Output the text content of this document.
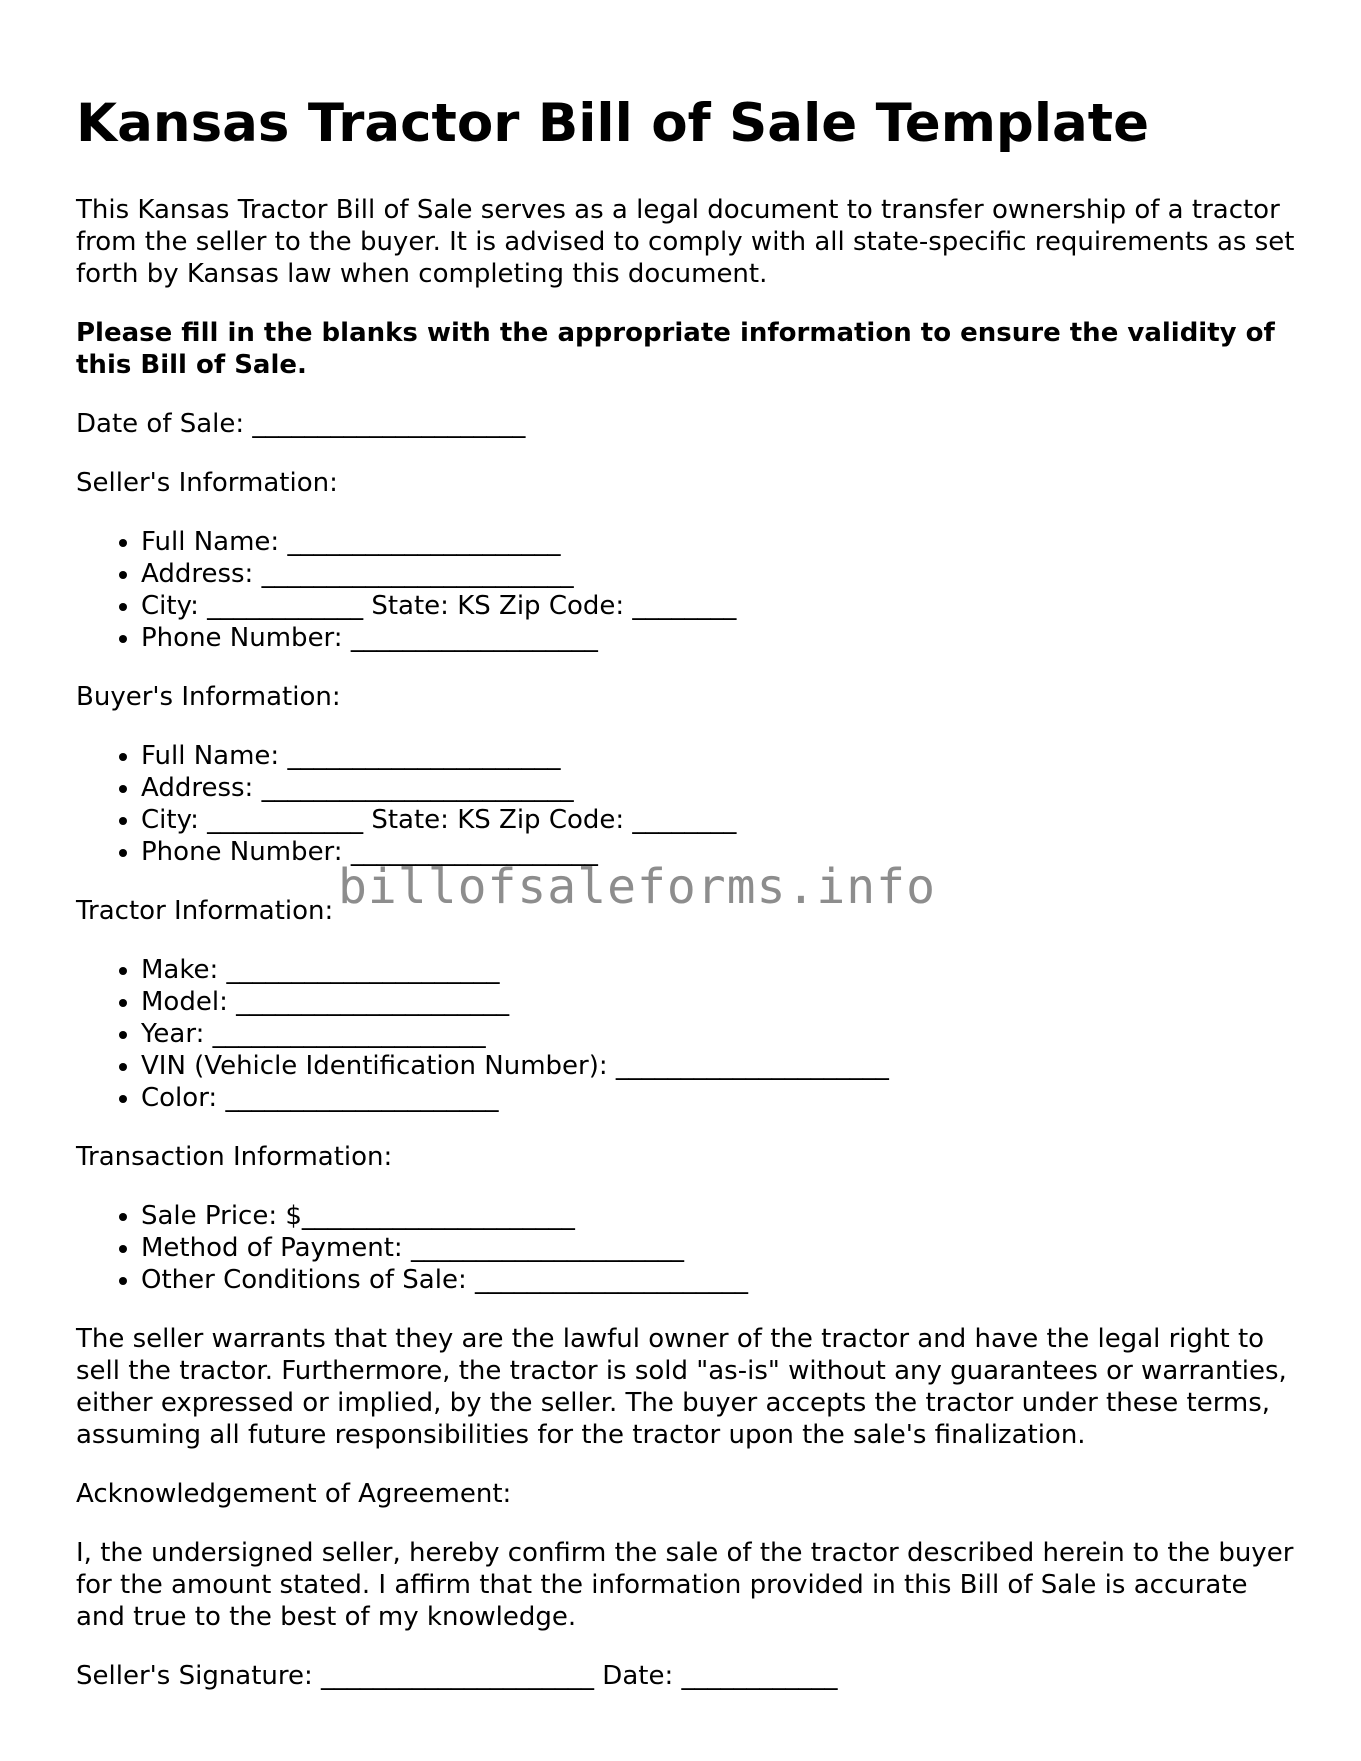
Kansas Tractor Bill of Sale Template

This Kansas Tractor Bill of Sale serves as a legal document to transfer ownership of a tractor from the seller to the buyer. It is advised to comply with all state-specific requirements as set forth by Kansas law when completing this document.

Please fill in the blanks with the appropriate information to ensure the validity of this Bill of Sale.

Date of Sale: _____________________

Seller's Information:

• Full Name: _____________________
• Address: ________________________
• City: ____________ State: KS Zip Code: ________
• Phone Number: ___________________

Buyer's Information:

• Full Name: _____________________
• Address: ________________________
• City: ____________ State: KS Zip Code: ________
• Phone Number: ___________________

Tractor Information:

• Make: _____________________
• Model: _____________________
• Year: _____________________
• VIN (Vehicle Identification Number): _____________________
• Color: _____________________

Transaction Information:

• Sale Price: $_____________________
• Method of Payment: _____________________
• Other Conditions of Sale: _____________________

The seller warrants that they are the lawful owner of the tractor and have the legal right to sell the tractor. Furthermore, the tractor is sold "as-is" without any guarantees or warranties, either expressed or implied, by the seller. The buyer accepts the tractor under these terms, assuming all future responsibilities for the tractor upon the sale's finalization.

Acknowledgement of Agreement:

I, the undersigned seller, hereby confirm the sale of the tractor described herein to the buyer for the amount stated. I affirm that the information provided in this Bill of Sale is accurate and true to the best of my knowledge.

Seller's Signature: _____________________ Date: ____________

billofsaleforms.info
